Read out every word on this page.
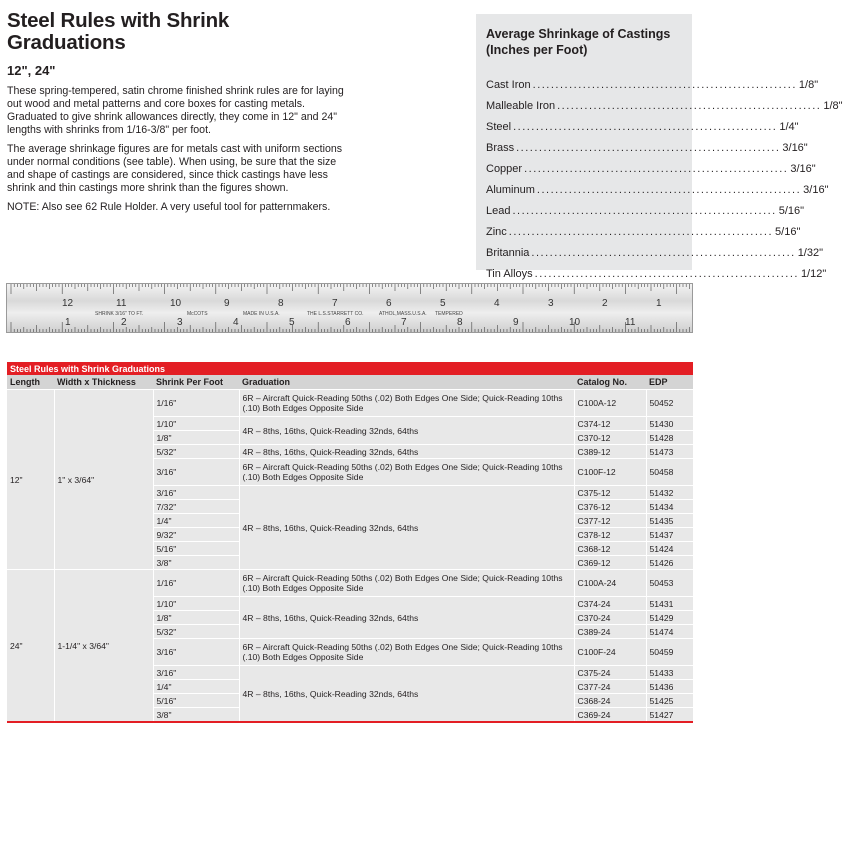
Steel Rules with Shrink Graduations
12", 24"

These spring-tempered, satin chrome finished shrink rules are for laying out wood and metal patterns and core boxes for casting metals. Graduated to give shrink allowances directly, they come in 12" and 24" lengths with shrinks from 1/16-3/8" per foot.

The average shrinkage figures are for metals cast with uniform sections under normal conditions (see table). When using, be sure that the size and shape of castings are considered, since thick castings have less shrink and thin castings more shrink than the figures shown.

NOTE: Also see 62 Rule Holder. A very useful tool for patternmakers.

Average Shrinkage of Castings (Inches per Foot)
Cast Iron .......................................................... 1/8"
Malleable Iron .......................................................... 1/8"
Steel .......................................................... 1/4"
Brass .......................................................... 3/16"
Copper .......................................................... 3/16"
Aluminum .......................................................... 3/16"
Lead .......................................................... 5/16"
Zinc .......................................................... 5/16"
Britannia .......................................................... 1/32"
Tin Alloys .......................................................... 1/12"
12	11	10	9	8	7	6	5	4	3	2	1
1	2	3	4	5	6	7	8	9	10	11
SHRINK 3/16" TO FT.	McCOTS	MADE IN U.S.A.	THE L.S.STARRETT CO.	ATHOL,MASS.U.S.A. TEMPERED
Steel Rules with Shrink Graduations					
Length	Width x Thickness	Shrink Per Foot	Graduation	Catalog No.	EDP
12"	1" x 3/64"	1/16"	6R – Aircraft Quick-Reading 50ths (.02) Both Edges One Side; Quick-Reading 10ths (.10) Both Edges Opposite Side	C100A-12	50452
		1/10"	4R – 8ths, 16ths, Quick-Reading 32nds, 64ths	C374-12	51430
		1/8"		C370-12	51428
		5/32"	4R – 8ths, 16ths, Quick-Reading 32nds, 64ths	C389-12	51473
		3/16"	6R – Aircraft Quick-Reading 50ths (.02) Both Edges One Side; Quick-Reading 10ths (.10) Both Edges Opposite Side	C100F-12	50458
		3/16"	4R – 8ths, 16ths, Quick-Reading 32nds, 64ths	C375-12	51432
		7/32"		C376-12	51434
		1/4"		C377-12	51435
		9/32"		C378-12	51437
		5/16"		C368-12	51424
		3/8"		C369-12	51426
24"	1-1/4" x 3/64"	1/16"	6R – Aircraft Quick-Reading 50ths (.02) Both Edges One Side; Quick-Reading 10ths (.10) Both Edges Opposite Side	C100A-24	50453
		1/10"	4R – 8ths, 16ths, Quick-Reading 32nds, 64ths	C374-24	51431
		1/8"		C370-24	51429
		5/32"		C389-24	51474
		3/16"	6R – Aircraft Quick-Reading 50ths (.02) Both Edges One Side; Quick-Reading 10ths (.10) Both Edges Opposite Side	C100F-24	50459
		3/16"	4R – 8ths, 16ths, Quick-Reading 32nds, 64ths	C375-24	51433
		1/4"		C377-24	51436
		5/16"		C368-24	51425
		3/8"		C369-24	51427
